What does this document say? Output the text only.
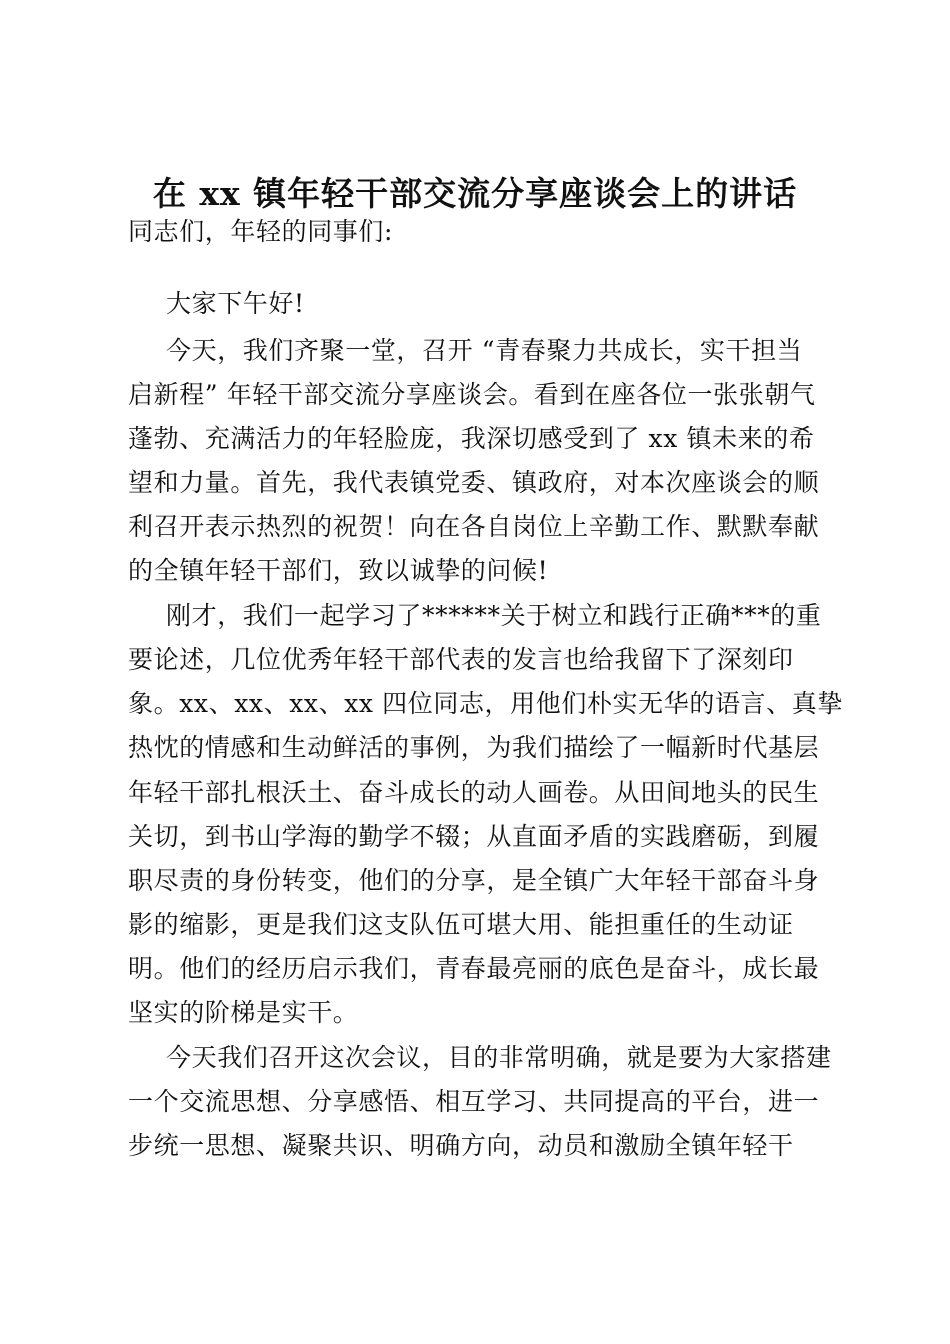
在 xx 镇年轻干部交流分享座谈会上的讲话
同志们，年轻的同事们:
大家下午好!
今天，我们齐聚一堂，召开 “青春聚力共成长，实干担当
启新程” 年轻干部交流分享座谈会。看到在座各位一张张朝气
蓬勃、充满活力的年轻脸庞，我深切感受到了 xx 镇未来的希
望和力量。首先，我代表镇党委、镇政府，对本次座谈会的顺
利召开表示热烈的祝贺！向在各自岗位上辛勤工作、默默奉献
的全镇年轻干部们，致以诚挚的问候!
刚才，我们一起学习了******关于树立和践行正确***的重
要论述，几位优秀年轻干部代表的发言也给我留下了深刻印
象。xx、xx、xx、xx 四位同志，用他们朴实无华的语言、真挚
热忱的情感和生动鲜活的事例，为我们描绘了一幅新时代基层
年轻干部扎根沃土、奋斗成长的动人画卷。从田间地头的民生
关切，到书山学海的勤学不辍；从直面矛盾的实践磨砺，到履
职尽责的身份转变，他们的分享，是全镇广大年轻干部奋斗身
影的缩影，更是我们这支队伍可堪大用、能担重任的生动证
明。他们的经历启示我们，青春最亮丽的底色是奋斗，成长最
坚实的阶梯是实干。
今天我们召开这次会议，目的非常明确，就是要为大家搭建
一个交流思想、分享感悟、相互学习、共同提高的平台，进一
步统一思想、凝聚共识、明确方向，动员和激励全镇年轻干
